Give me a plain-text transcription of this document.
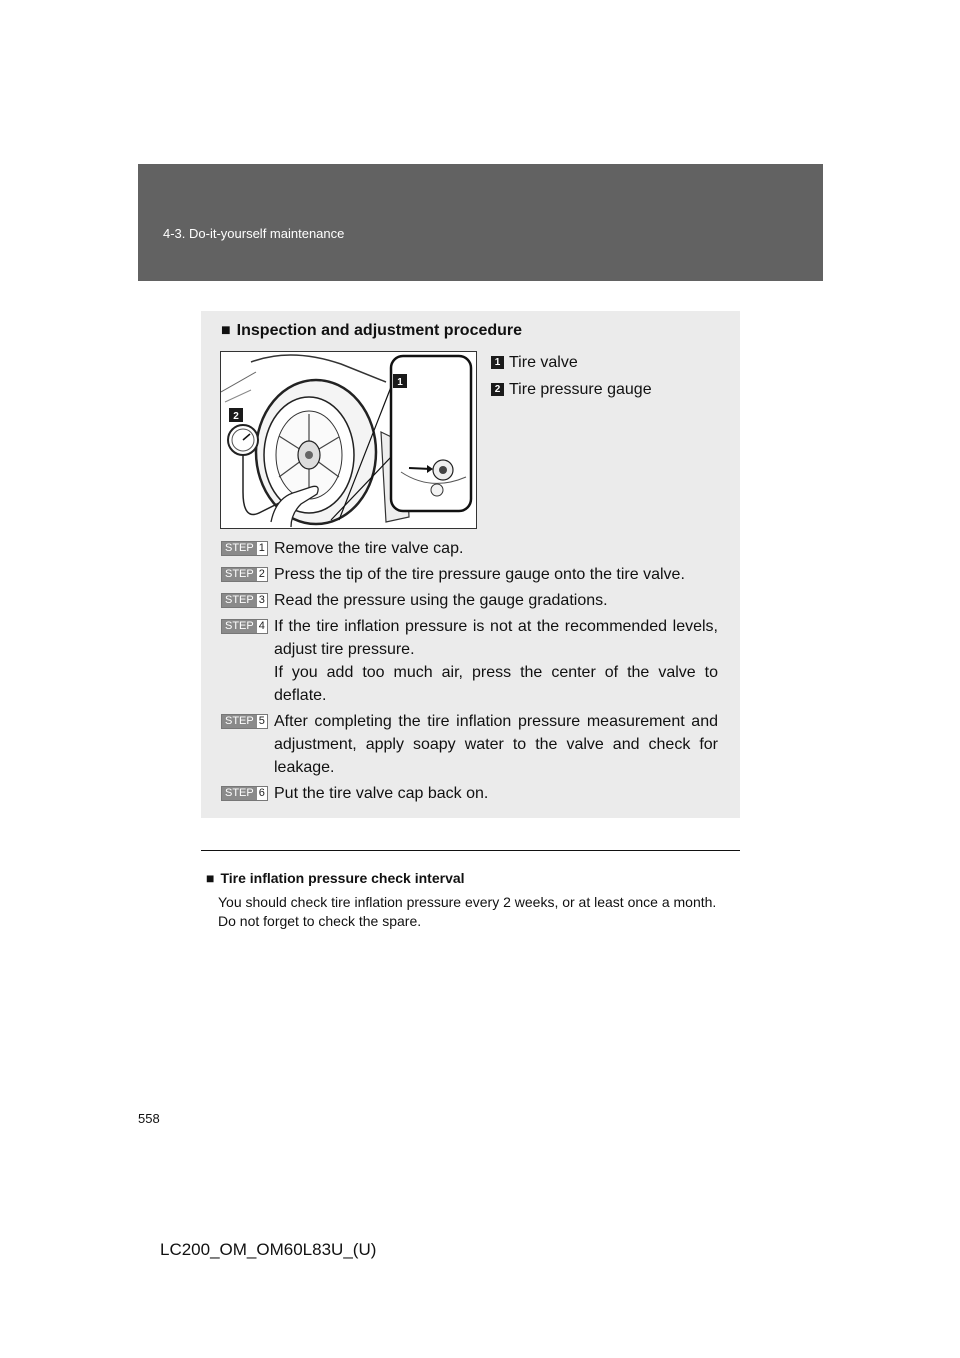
4-3. Do-it-yourself maintenance
■ Inspection and adjustment procedure
1
2
1 Tire valve
2 Tire pressure gauge
STEP 1 Remove the tire valve cap.
STEP 2 Press the tip of the tire pressure gauge onto the tire valve.
STEP 3 Read the pressure using the gauge gradations.
STEP 4 If the tire inflation pressure is not at the recommended levels, adjust tire pressure.
If you add too much air, press the center of the valve to deflate.
STEP 5 After completing the tire inflation pressure measurement and adjustment, apply soapy water to the valve and check for leakage.
STEP 6 Put the tire valve cap back on.
■ Tire inflation pressure check interval
You should check tire inflation pressure every 2 weeks, or at least once a month.
Do not forget to check the spare.
558
LC200_OM_OM60L83U_(U)
